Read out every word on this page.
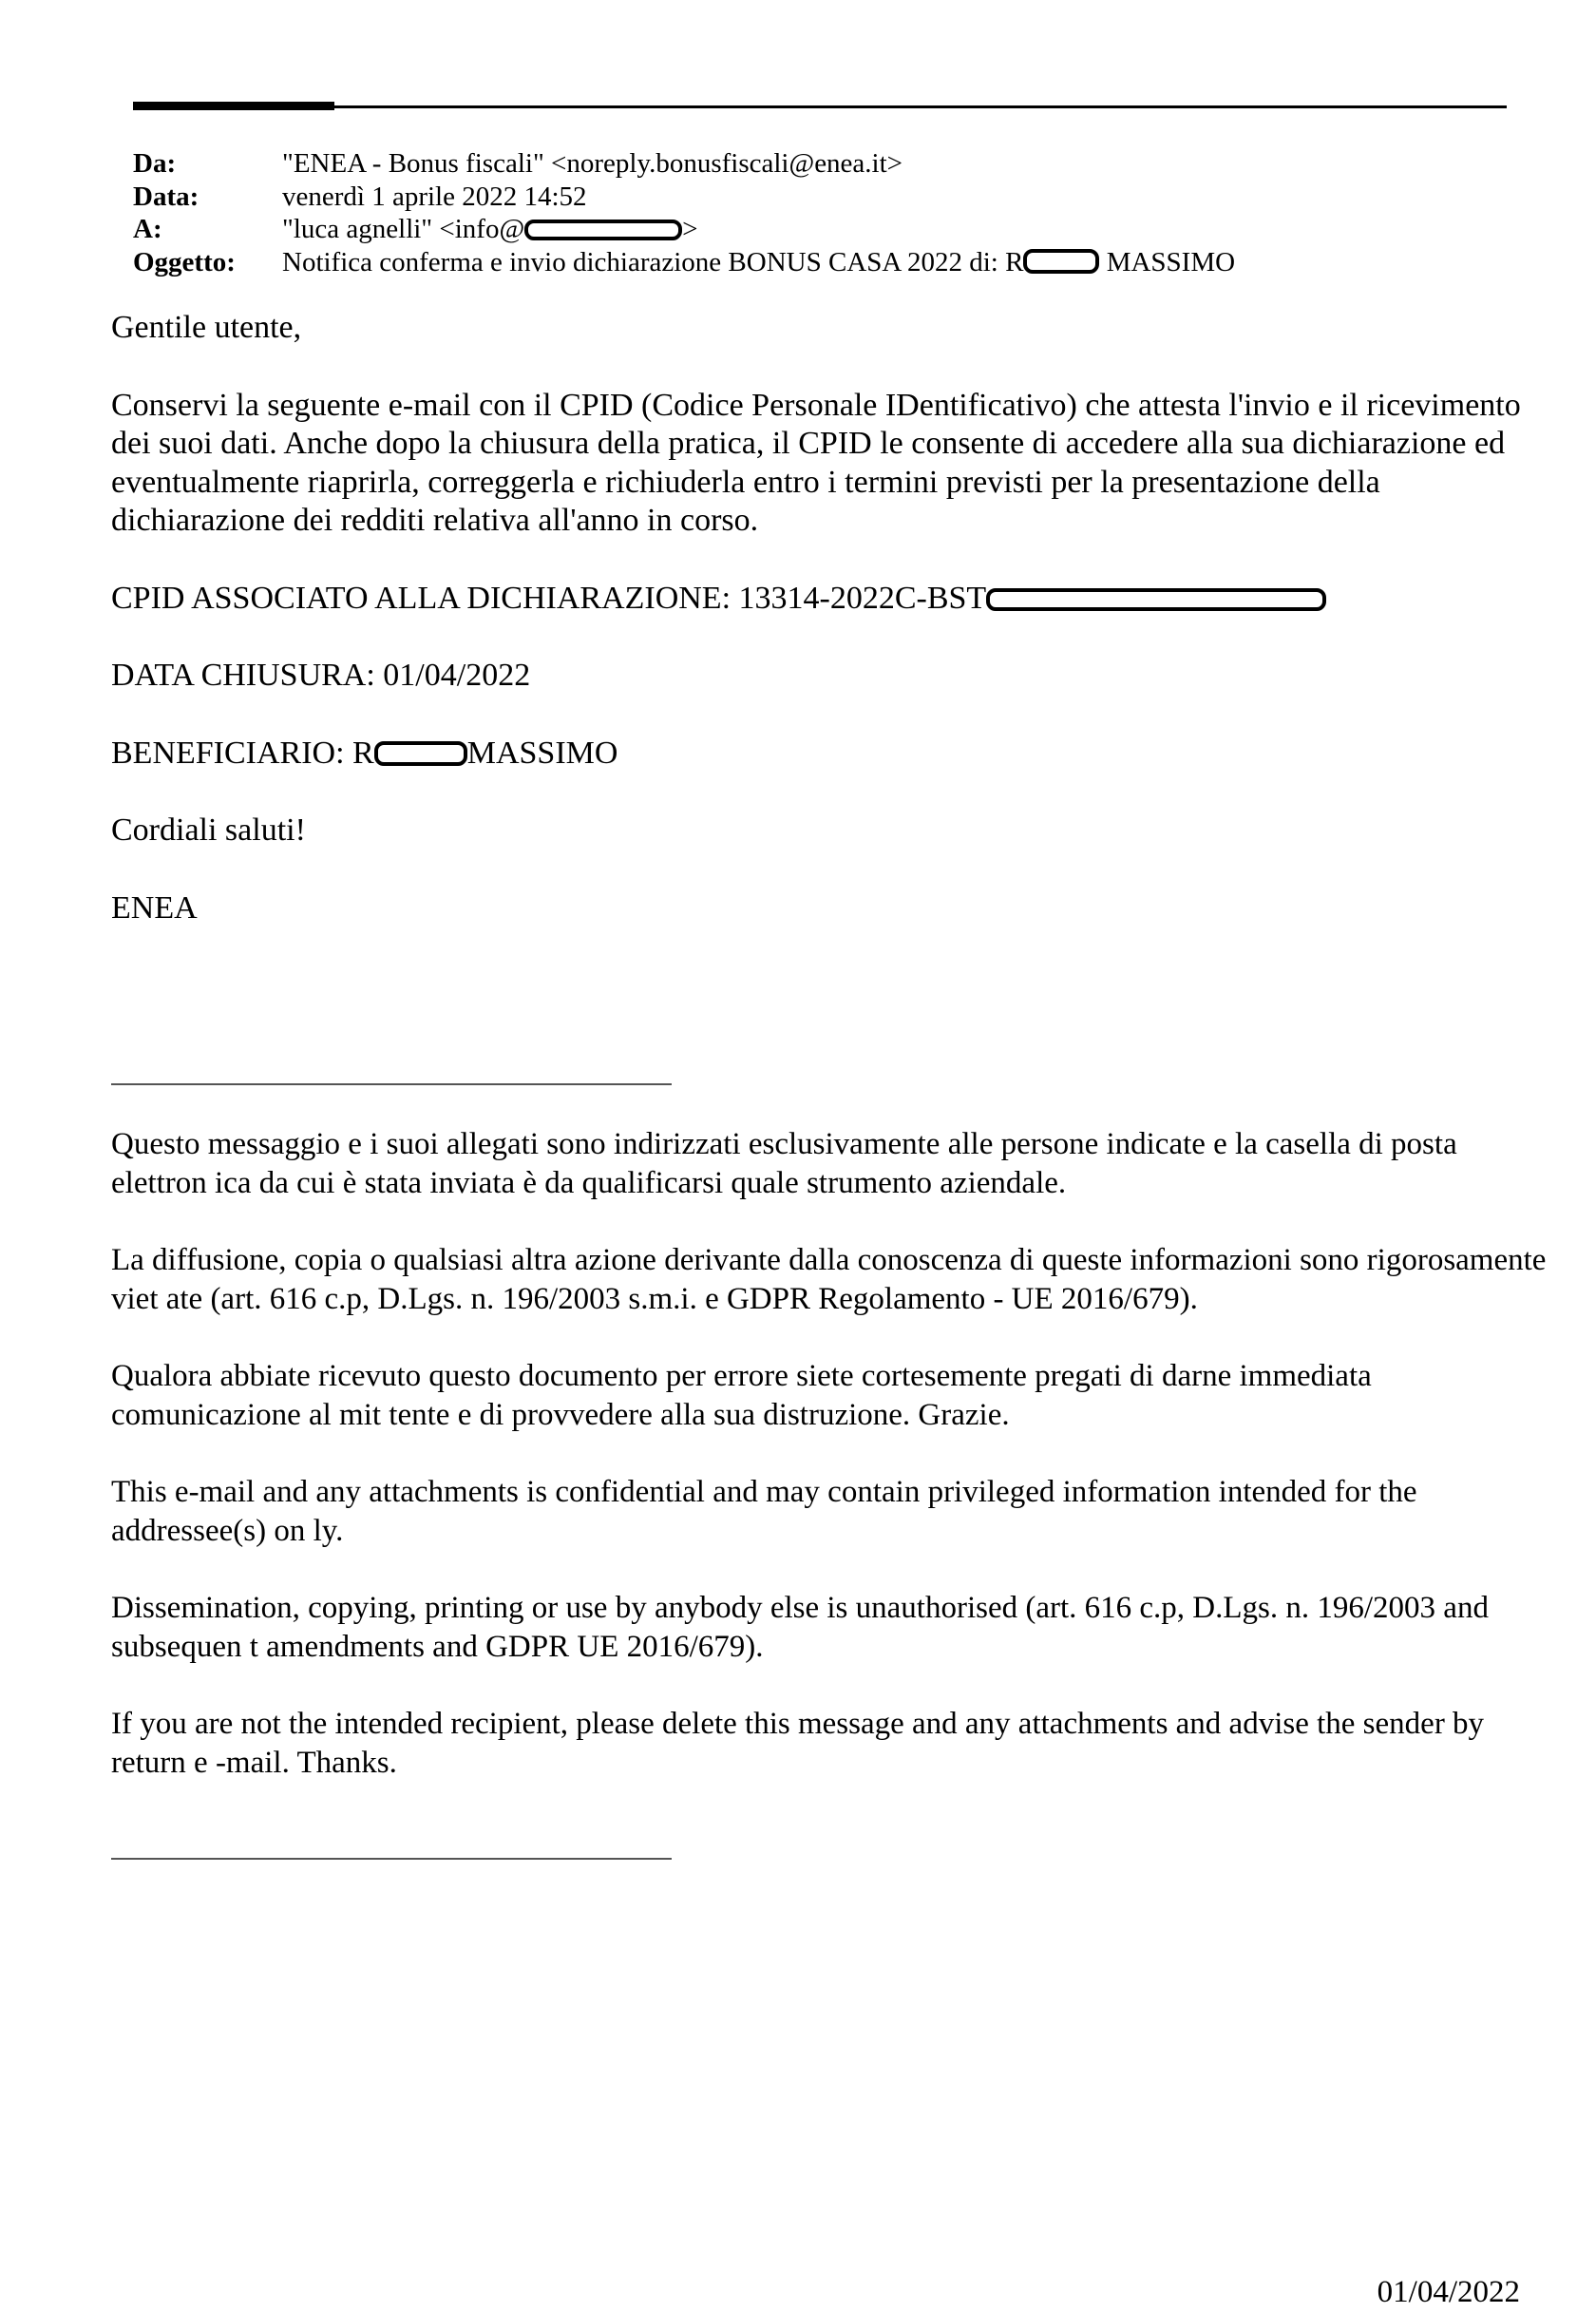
Da:	"ENEA - Bonus fiscali" <noreply.bonusfiscali@enea.it>
Data:	venerdì 1 aprile 2022 14:52
A:	"luca agnelli" <info@	>
Oggetto:	Notifica conferma e invio dichiarazione BONUS CASA 2022 di: R	MASSIMO

Gentile utente,

Conservi la seguente e-mail con il CPID (Codice Personale IDentificativo) che attesta l'invio e il ricevimento dei suoi dati. Anche dopo la chiusura della pratica, il CPID le consente di accedere alla sua dichiarazione ed eventualmente riaprirla, correggerla e richiuderla entro i termini previsti per la presentazione della dichiarazione dei redditi relativa all'anno in corso.

CPID ASSOCIATO ALLA DICHIARAZIONE: 13314-2022C-BST

DATA CHIUSURA: 01/04/2022

BENEFICIARIO: R	MASSIMO

Cordiali saluti!

ENEA

Questo messaggio e i suoi allegati sono indirizzati esclusivamente alle persone indicate e la casella di posta elettron ica da cui è stata inviata è da qualificarsi quale strumento aziendale.

La diffusione, copia o qualsiasi altra azione derivante dalla conoscenza di queste informazioni sono rigorosamente viet ate (art. 616 c.p, D.Lgs. n. 196/2003 s.m.i. e GDPR Regolamento - UE 2016/679).

Qualora abbiate ricevuto questo documento per errore siete cortesemente pregati di darne immediata comunicazione al mit tente e di provvedere alla sua distruzione. Grazie.

This e-mail and any attachments is confidential and may contain privileged information intended for the addressee(s) on ly.

Dissemination, copying, printing or use by anybody else is unauthorised (art. 616 c.p, D.Lgs. n. 196/2003 and subsequen t amendments and GDPR UE 2016/679).

If you are not the intended recipient, please delete this message and any attachments and advise the sender by return e -mail. Thanks.

01/04/2022
